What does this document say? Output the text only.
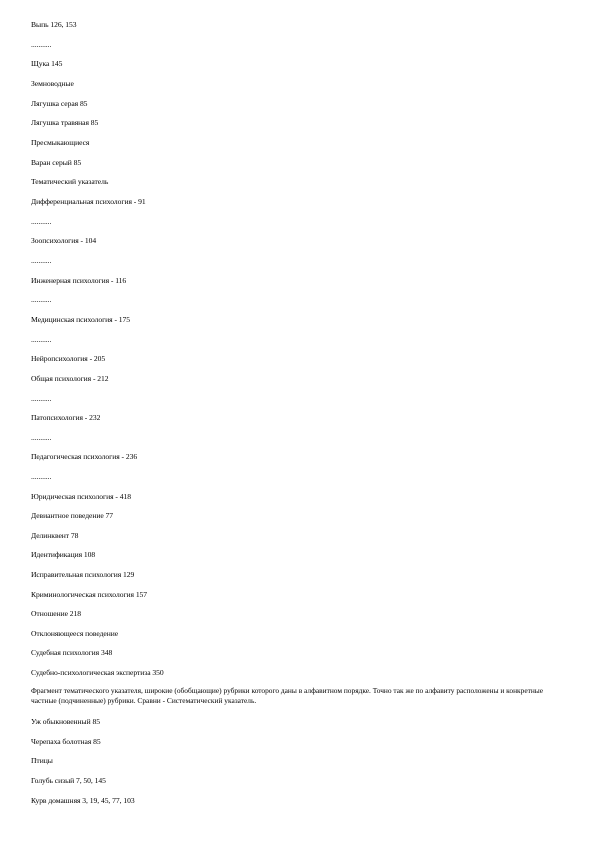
Выпь 126, 153
...........
Щука 145
Земноводные
Лягушка серая 85
Лягушка травяная 85
Пресмыкающиеся
Варан серый 85
Тематический указатель
Дифференциальная психология - 91
...........
Зоопсихология - 104
...........
Инженерная психология - 116
...........
Медицинская психология - 175
...........
Нейропсихология - 205
Общая психология - 212
...........
Патопсихология - 232
...........
Педагогическая психология - 236
...........
Юридическая психология - 418
Девиантное поведение 77
Делинквент 78
Идентификация 108
Исправительная психология 129
Криминологическая психология 157
Отношение 218
Отклоняющееся поведение
Судебная психология 348
Судебно-психологическая экспертиза 350
Фрагмент тематического указателя, широкие (обобщающие) рубрики которого даны в алфавитном порядке. Точно так же по алфавиту расположены и конкретные частные (подчиненные) рубрики. Сравни - Систематический указатель.
Уж обыкновенный 85
Черепаха болотная 85
Птицы
Голубь сизый 7, 50, 145
Курв домашняя 3, 19, 45, 77, 103
